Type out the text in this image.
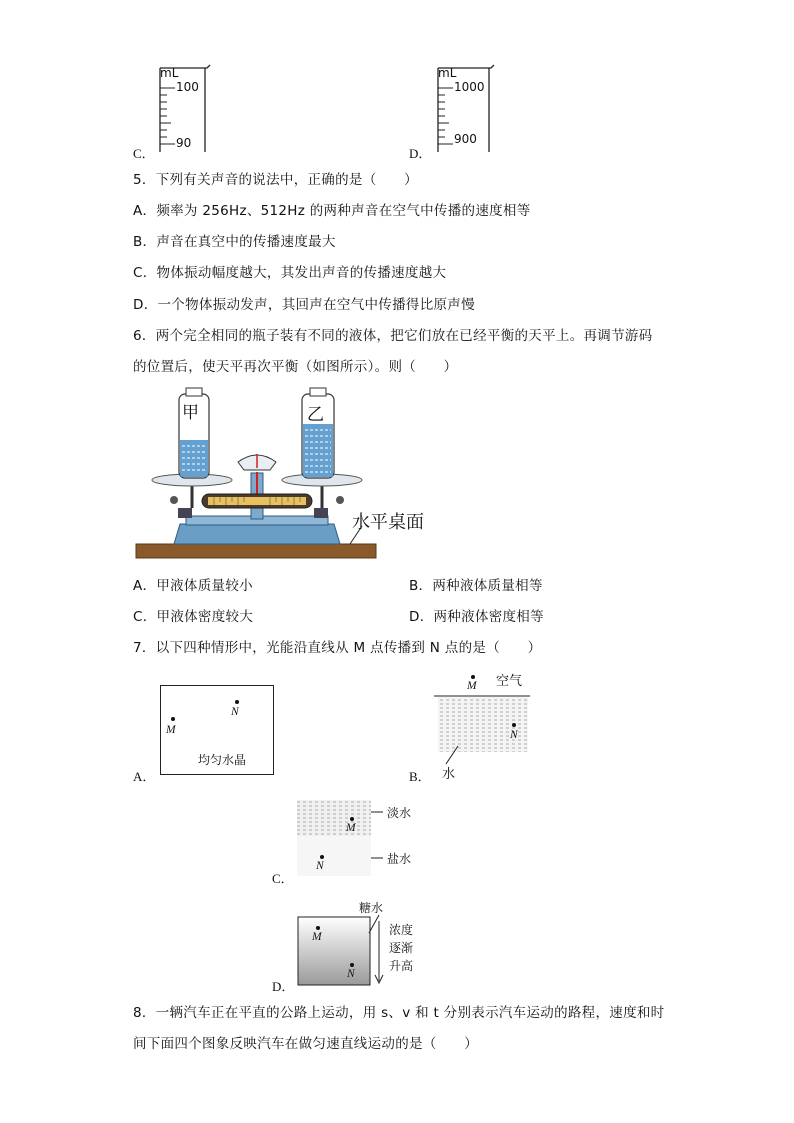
C．
mL
100
90
D．
mL
1000
900
5．下列有关声音的说法中，正确的是（　　）
A．频率为 256Hz、512Hz 的两种声音在空气中传播的速度相等
B．声音在真空中的传播速度最大
C．物体振动幅度越大，其发出声音的传播速度越大
D．一个物体振动发声，其回声在空气中传播得比原声慢
6．两个完全相同的瓶子装有不同的液体，把它们放在已经平衡的天平上。再调节游码
的位置后，使天平再次平衡（如图所示）。则（　　）
甲	乙
水平桌面
A．甲液体质量较小	B．两种液体质量相等
C．甲液体密度较大	D．两种液体密度相等
7．以下四种情形中，光能沿直线从 M 点传播到 N 点的是（　　）
A．
M
N
均匀水晶
B．
M 空气
N
水
C．
M
N
淡水
盐水
D．
M
N
糖水
浓度
逐渐
升高
8．一辆汽车正在平直的公路上运动，用 s、v 和 t 分别表示汽车运动的路程，速度和时
间下面四个图象反映汽车在做匀速直线运动的是（　　）
